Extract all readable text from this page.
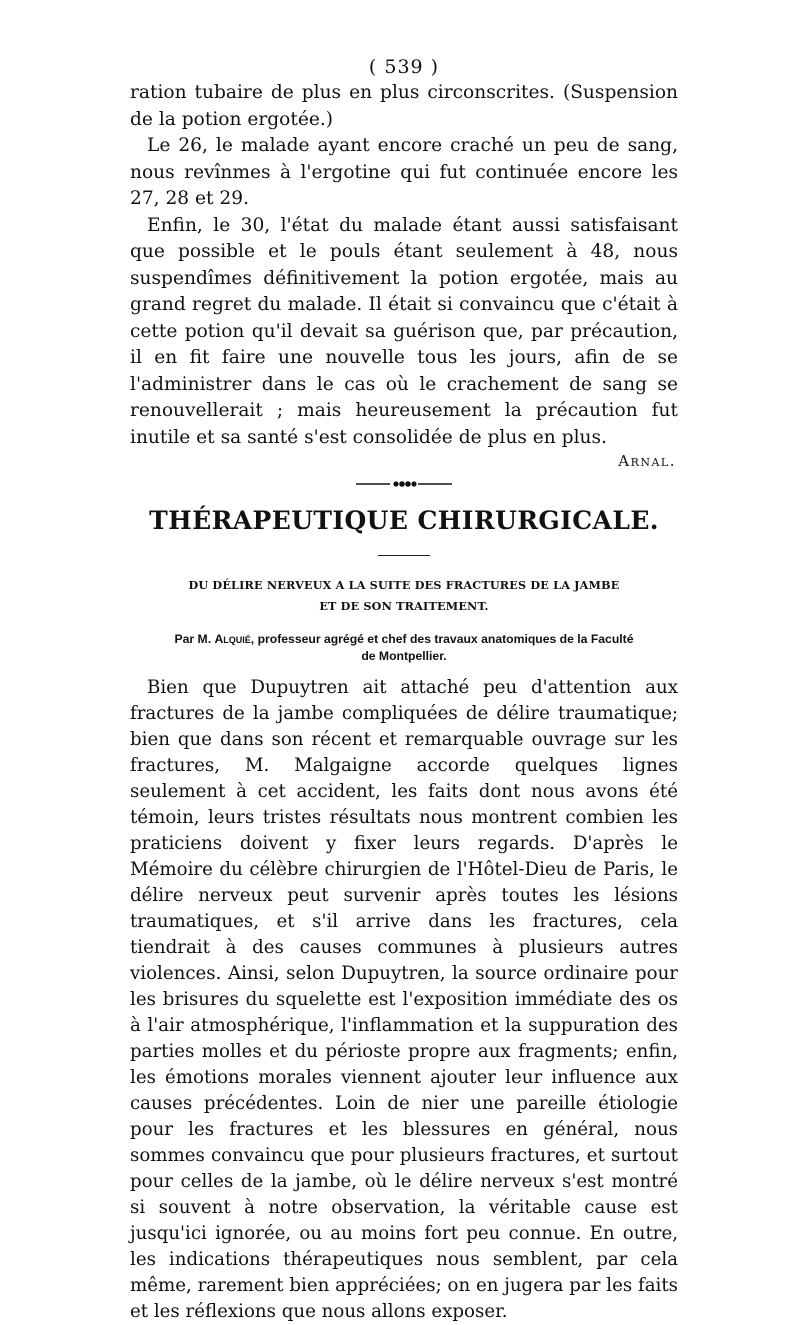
( 539 )

ration tubaire de plus en plus circonscrites. (Suspension de la potion ergotée.)

Le 26, le malade ayant encore craché un peu de sang, nous revînmes à l'ergotine qui fut continuée encore les 27, 28 et 29.

Enfin, le 30, l'état du malade étant aussi satisfaisant que possible et le pouls étant seulement à 48, nous suspendîmes définitivement la potion ergotée, mais au grand regret du malade. Il était si convaincu que c'était à cette potion qu'il devait sa guérison que, par précaution, il en fit faire une nouvelle tous les jours, afin de se l'administrer dans le cas où le crachement de sang se renouvellerait ; mais heureusement la précaution fut inutile et sa santé s'est consolidée de plus en plus.

Arnal.
THÉRAPEUTIQUE CHIRURGICALE.
DU DÉLIRE NERVEUX A LA SUITE DES FRACTURES DE LA JAMBE
ET DE SON TRAITEMENT.
Par M. Alquié, professeur agrégé et chef des travaux anatomiques de la Faculté
de Montpellier.

Bien que Dupuytren ait attaché peu d'attention aux fractures de la jambe compliquées de délire traumatique; bien que dans son récent et remarquable ouvrage sur les fractures, M. Malgaigne accorde quelques lignes seulement à cet accident, les faits dont nous avons été témoin, leurs tristes résultats nous montrent combien les praticiens doivent y fixer leurs regards. D'après le Mémoire du célèbre chirurgien de l'Hôtel-Dieu de Paris, le délire nerveux peut survenir après toutes les lésions traumatiques, et s'il arrive dans les fractures, cela tiendrait à des causes communes à plusieurs autres violences. Ainsi, selon Dupuytren, la source ordinaire pour les brisures du squelette est l'exposition immédiate des os à l'air atmosphérique, l'inflammation et la suppuration des parties molles et du périoste propre aux fragments; enfin, les émotions morales viennent ajouter leur influence aux causes précédentes. Loin de nier une pareille étiologie pour les fractures et les blessures en général, nous sommes convaincu que pour plusieurs fractures, et surtout pour celles de la jambe, où le délire nerveux s'est montré si souvent à notre observation, la véritable cause est jusqu'ici ignorée, ou au moins fort peu connue. En outre, les indications thérapeutiques nous semblent, par cela même, rarement bien appréciées; on en jugera par les faits et les réflexions que nous allons exposer.
